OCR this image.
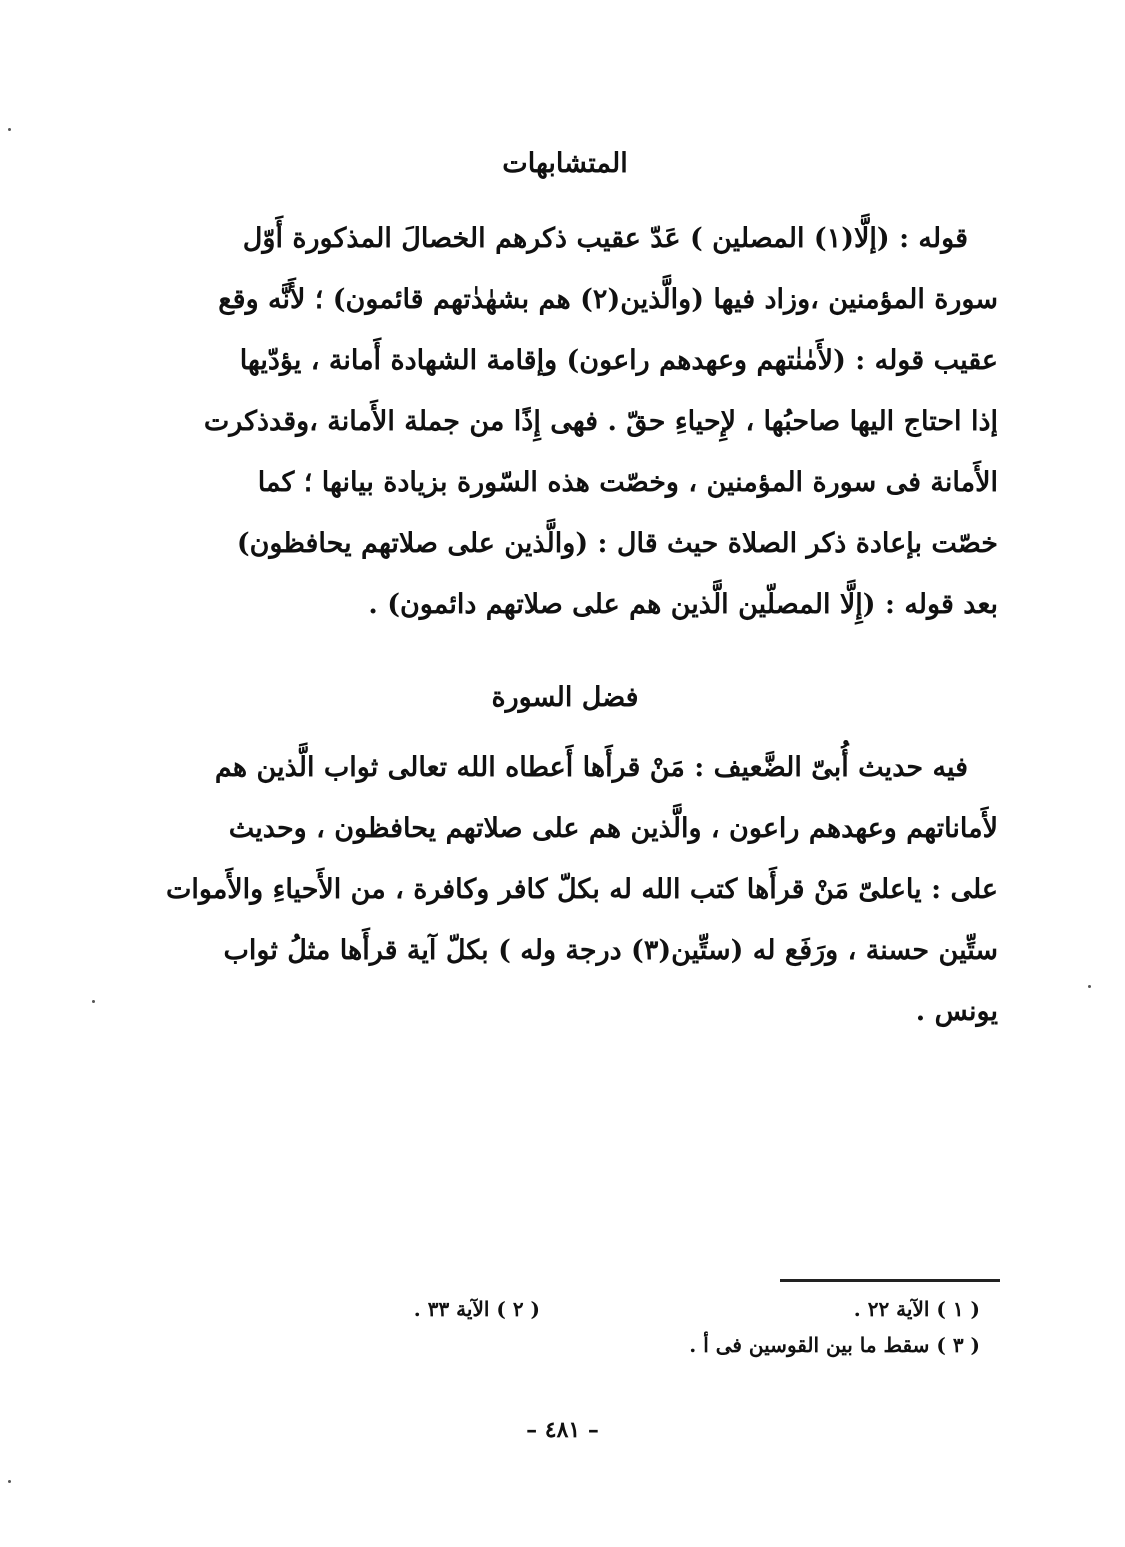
المتشابهات
قوله : (إلَّا(١) المصلين ) عَدّ عقيب ذكرهم الخصالَ المذكورة أَوّل
سورة المؤمنين ،وزاد فيها (والَّذين(٢) هم بشهٰدٰتهم قائمون) ؛ لأَنَّه وقع
عقيب قوله : (لأَمٰنٰتهم وعهدهم راعون) وإقامة الشهادة أَمانة ، يؤدّيها
إذا احتاج اليها صاحبُها ، لإِحياءِ حقّ . فهى إِذًا من جملة الأَمانة ،وقدذكرت
الأَمانة فى سورة المؤمنين ، وخصّت هذه السّورة بزيادة بيانها ؛ كما
خصّت بإعادة ذكر الصلاة حيث قال : (والَّذين على صلاتهم يحافظون)
بعد قوله : (إِلَّا المصلّين الَّذين هم على صلاتهم دائمون) .
فضل السورة
فيه حديث أُبىّ الضَّعيف : مَنْ قرأَها أَعطاه الله تعالى ثواب الَّذين هم
لأَماناتهم وعهدهم راعون ، والَّذين هم على صلاتهم يحافظون ، وحديث
على : ياعلىّ مَنْ قرأَها كتب الله له بكلّ كافر وكافرة ، من الأَحياءِ والأَموات
ستِّين حسنة ، ورَفَع له (ستِّين(٣) درجة وله ) بكلّ آية قرأَها مثلُ ثواب
يونس .
( ١ ) الآية ٢٢ .
( ٢ ) الآية ٣٣ .
( ٣ ) سقط ما بين القوسين فى أ .
– ٤٨١ –
